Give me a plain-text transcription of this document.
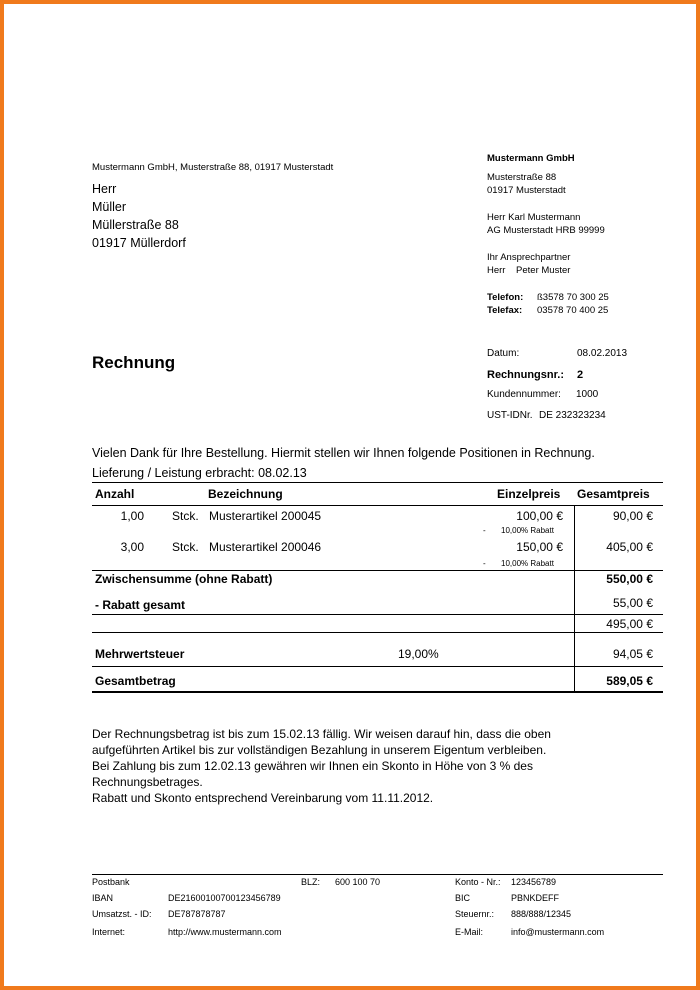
Mustermann GmbH, Musterstraße 88, 01917 Musterstadt
Herr
Müller
Müllerstraße 88
01917 Müllerdorf
Mustermann GmbH
Musterstraße 88
01917 Musterstadt
Herr Karl Mustermann
AG Musterstadt HRB 99999
Ihr Ansprechpartner
Herr    Peter Muster
Telefon: ß3578 70 300 25
Telefax: 03578 70 400 25
Rechnung	Datum:	08.02.2013
Rechnungsnr.: 2
Kundennummer: 1000
UST-IDNr. DE 232323234
Vielen Dank für Ihre Bestellung. Hiermit stellen wir Ihnen folgende Positionen in Rechnung.
Lieferung / Leistung erbracht: 08.02.13
Anzahl	Bezeichnung	Einzelpreis Gesamtpreis
1,00 Stck. Musterartikel 200045	100,00 €	90,00 €
- 10,00% Rabatt
3,00 Stck. Musterartikel 200046	150,00 €	405,00 €
- 10,00% Rabatt
Zwischensumme (ohne Rabatt)	550,00 €
- Rabatt gesamt	55,00 €
495,00 €
Mehrwertsteuer	19,00%	94,05 €
Gesamtbetrag	589,05 €
Der Rechnungsbetrag ist bis zum 15.02.13 fällig. Wir weisen darauf hin, dass die oben aufgeführten Artikel bis zur vollständigen Bezahlung in unserem Eigentum verbleiben.
Bei Zahlung bis zum 12.02.13 gewähren wir Ihnen ein Skonto in Höhe von 3 % des Rechnungsbetrages.
Rabatt und Skonto entsprechend Vereinbarung vom 11.11.2012.
Postbank	BLZ: 600 100 70	Konto - Nr.: 123456789
IBAN	DE21600100700123456789	BIC	PBNKDEFF
Umsatzst. - ID: DE787878787	Steuernr.: 888/888/12345
Internet:	http://www.mustermann.com	E-Mail:	info@mustermann.com
